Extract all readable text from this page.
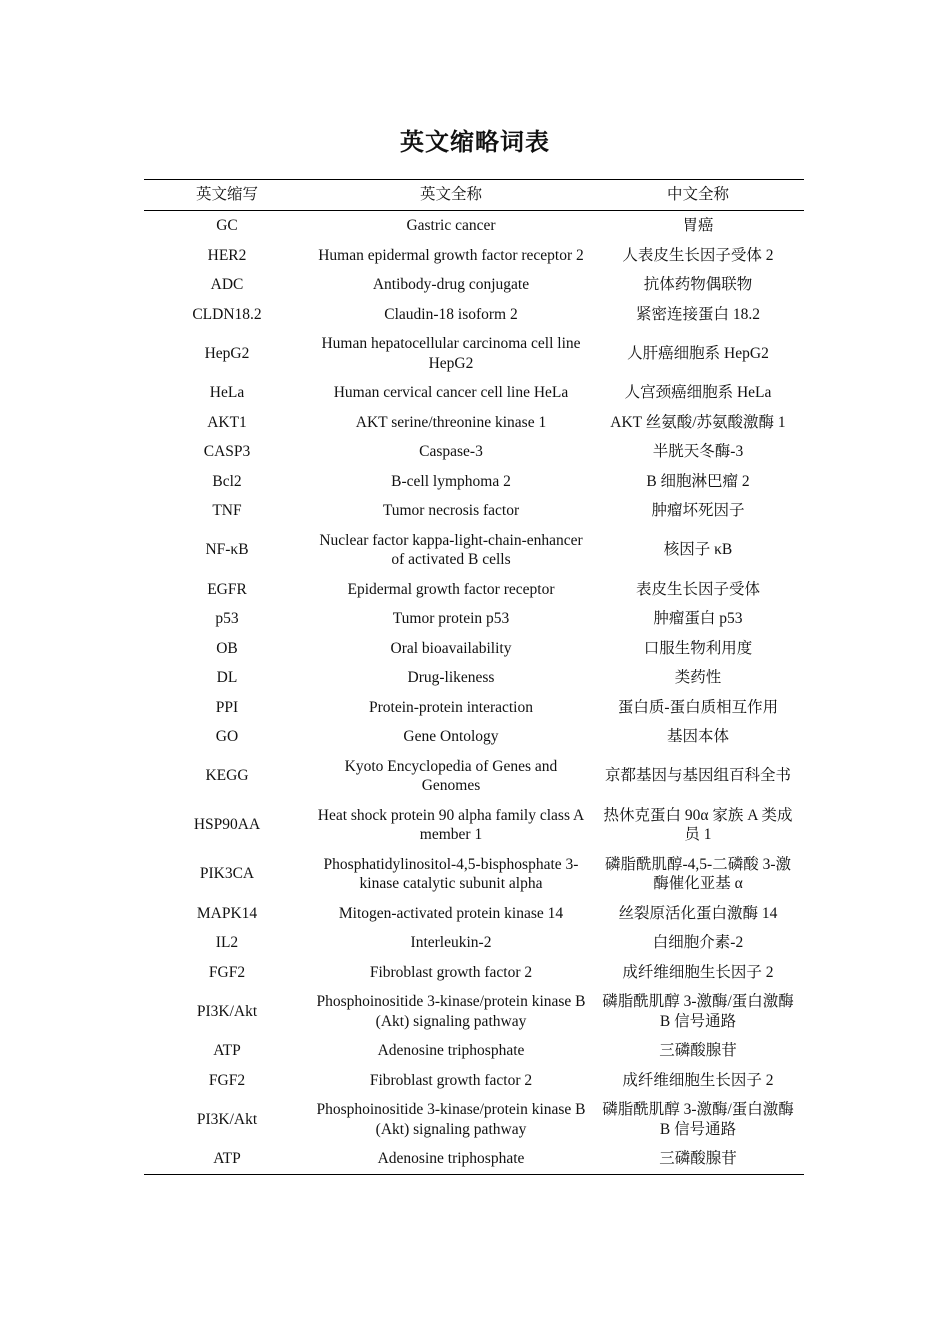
英文缩略词表
英文缩写	英文全称	中文全称
GC	Gastric cancer	胃癌
HER2	Human epidermal growth factor receptor 2	人表皮生长因子受体 2
ADC	Antibody-drug conjugate	抗体药物偶联物
CLDN18.2	Claudin-18 isoform 2	紧密连接蛋白 18.2
HepG2	Human hepatocellular carcinoma cell line HepG2	人肝癌细胞系 HepG2
HeLa	Human cervical cancer cell line HeLa	人宫颈癌细胞系 HeLa
AKT1	AKT serine/threonine kinase 1	AKT 丝氨酸/苏氨酸激酶 1
CASP3	Caspase-3	半胱天冬酶-3
Bcl2	B-cell lymphoma 2	B 细胞淋巴瘤 2
TNF	Tumor necrosis factor	肿瘤坏死因子
NF-κB	Nuclear factor kappa-light-chain-enhancer of activated B cells	核因子 κB
EGFR	Epidermal growth factor receptor	表皮生长因子受体
p53	Tumor protein p53	肿瘤蛋白 p53
OB	Oral bioavailability	口服生物利用度
DL	Drug-likeness	类药性
PPI	Protein-protein interaction	蛋白质-蛋白质相互作用
GO	Gene Ontology	基因本体
KEGG	Kyoto Encyclopedia of Genes and Genomes	京都基因与基因组百科全书
HSP90AA	Heat shock protein 90 alpha family class A member 1	热休克蛋白 90α 家族 A 类成员 1
PIK3CA	Phosphatidylinositol-4,5-bisphosphate 3-kinase catalytic subunit alpha	磷脂酰肌醇-4,5-二磷酸 3-激酶催化亚基 α
MAPK14	Mitogen-activated protein kinase 14	丝裂原活化蛋白激酶 14
IL2	Interleukin-2	白细胞介素-2
FGF2	Fibroblast growth factor 2	成纤维细胞生长因子 2
PI3K/Akt	Phosphoinositide 3-kinase/protein kinase B (Akt) signaling pathway	磷脂酰肌醇 3-激酶/蛋白激酶 B 信号通路
ATP	Adenosine triphosphate	三磷酸腺苷
FGF2	Fibroblast growth factor 2	成纤维细胞生长因子 2
PI3K/Akt	Phosphoinositide 3-kinase/protein kinase B (Akt) signaling pathway	磷脂酰肌醇 3-激酶/蛋白激酶 B 信号通路
ATP	Adenosine triphosphate	三磷酸腺苷
